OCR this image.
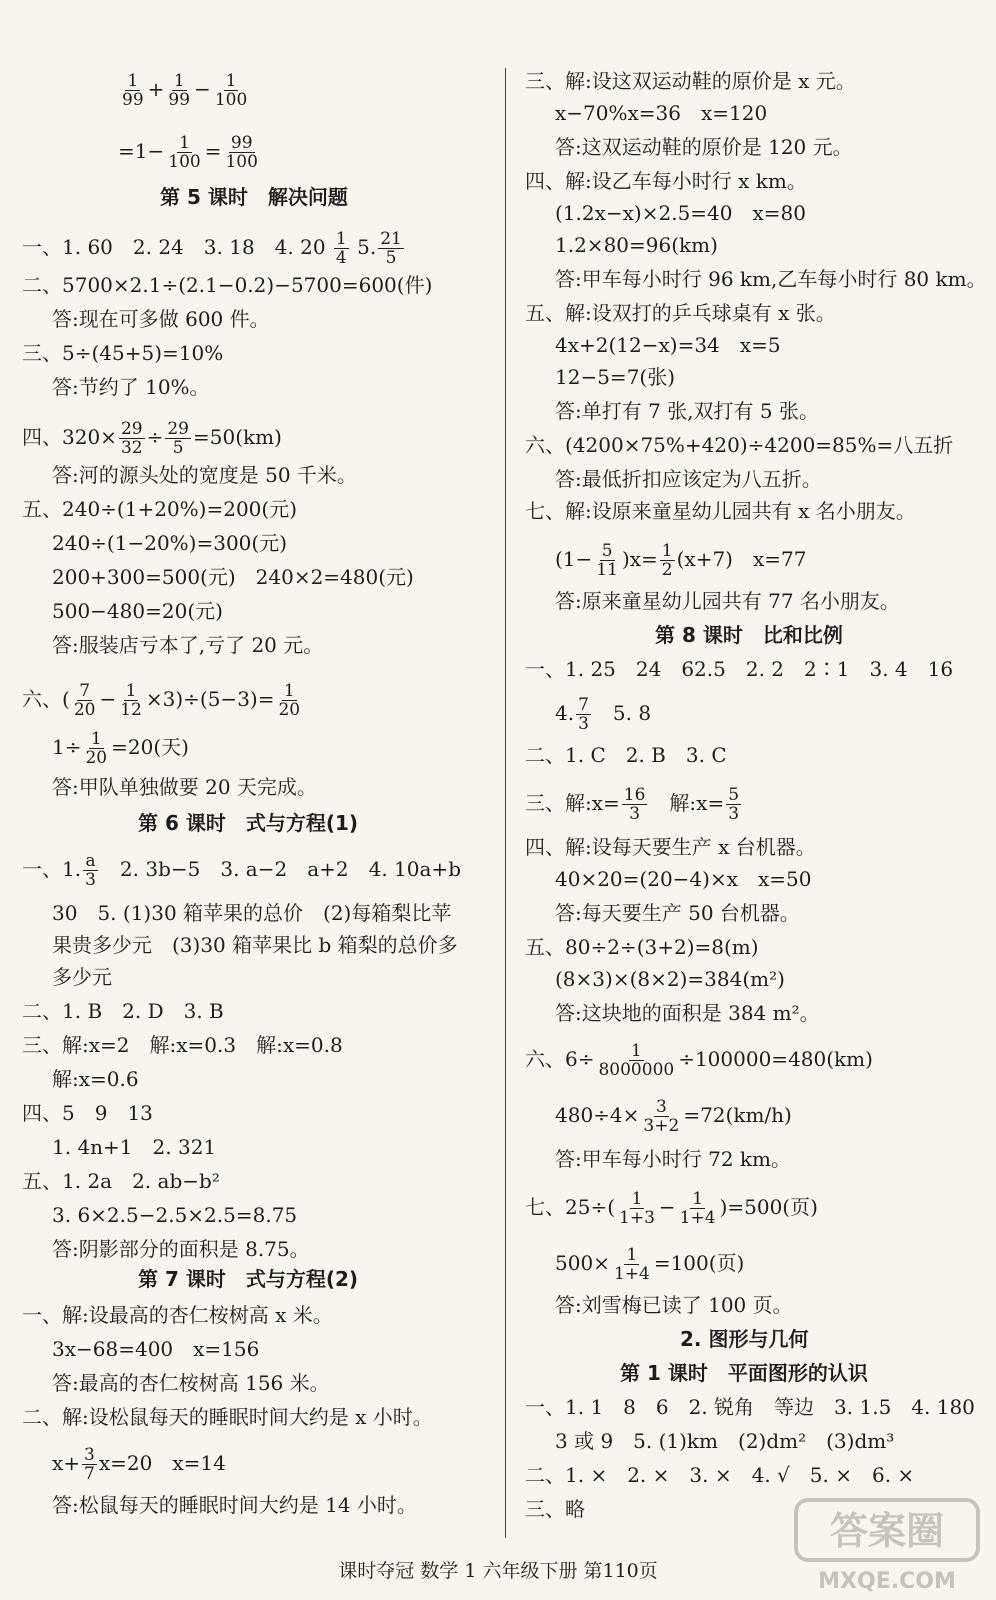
$\frac{1}{99} + \frac{1}{99} - \frac{1}{100}$
$=1- \frac{1}{100} = \frac{99}{100}$
第 5 课时　解决问题
一、1. 60　2. 24　3. 18　4. $20 \frac{1}{4} 5$. $\frac{21}{5}$
二、5700×2.1÷(2.1−0.2)−5700=600(件)
答:现在可多做 600 件。
三、5÷(45+5)=10%
答:节约了 10%。
四、$320\times \frac{29}{32} \div \frac{29}{5} =50(km)$
答:河的源头处的宽度是 50 千米。
五、240÷(1+20%)=200(元)
240÷(1−20%)=300(元)
200+300=500(元)　240×2=480(元)
500−480=20(元)
答:服装店亏本了,亏了 20 元。
六、( $\frac{7}{20} - \frac{1}{12} \times 3)\div(5-3)= \frac{1}{20}$
$1\div \frac{1}{20} =20$(天)
答:甲队单独做要 20 天完成。
第 6 课时　式与方程(1)
一、1. $\frac{a}{3}$ 　2. 3b−5　3. a−2　a+2　4. 10a+b
30　5. (1)30 箱苹果的总价　(2)每箱梨比苹
果贵多少元　(3)30 箱苹果比 b 箱梨的总价多
多少元
二、1. B　2. D　3. B
三、解:x=2　解:x=0.3　解:x=0.8
解:x=0.6
四、5　9　13
1. 4n+1　2. 321
五、1. 2a　2. ab−b²
3. 6×2.5−2.5×2.5=8.75
答:阴影部分的面积是 8.75。
第 7 课时　式与方程(2)
一、解:设最高的杏仁桉树高 x 米。
3x−68=400　x=156
答:最高的杏仁桉树高 156 米。
二、解:设松鼠每天的睡眠时间大约是 x 小时。
$x+ \frac{3}{7} x=20$　x=14
答:松鼠每天的睡眠时间大约是 14 小时。
三、解:设这双运动鞋的原价是 x 元。
x−70%x=36　x=120
答:这双运动鞋的原价是 120 元。
四、解:设乙车每小时行 x km。
(1.2x−x)×2.5=40　x=80
1.2×80=96(km)
答:甲车每小时行 96 km,乙车每小时行 80 km。
五、解:设双打的乒乓球桌有 x 张。
4x+2(12−x)=34　x=5
12−5=7(张)
答:单打有 7 张,双打有 5 张。
六、(4200×75%+420)÷4200=85%=八五折
答:最低折扣应该定为八五折。
七、解:设原来童星幼儿园共有 x 名小朋友。
$(1- \frac{5}{11} )x= \frac{1}{2} (x+7)$　x=77
答:原来童星幼儿园共有 77 名小朋友。
第 8 课时　比和比例
一、1. 25　24　62.5　2. 2　2∶1　3. 4　16
4. $\frac{7}{3}$ 　5. 8
二、1. C　2. B　3. C
三、解:x= $\frac{16}{3}$ 　解:x= $\frac{5}{3}$
四、解:设每天要生产 x 台机器。
40×20=(20−4)×x　x=50
答:每天要生产 50 台机器。
五、80÷2÷(3+2)=8(m)
(8×3)×(8×2)=384(m²)
答:这块地的面积是 384 m²。
六、$6\div \frac{1}{8000000} \div 100000=480(km)$
$480\div 4\times \frac{3}{3+2} =72(km/h)$
答:甲车每小时行 72 km。
七、$25\div( \frac{1}{1+3} - \frac{1}{1+4} )=500$(页)
$500\times \frac{1}{1+4} =100$(页)
答:刘雪梅已读了 100 页。
2. 图形与几何
第 1 课时　平面图形的认识
一、1. 1　8　6　2. 锐角　等边　3. 1.5　4. 180
3 或 9　5. (1)km　(2)dm²　(3)dm³
二、1. ×　2. ×　3. ×　4. √　5. ×　6. ×
三、略
课时夺冠 数学 1 六年级下册 第110页
答案圈
MXQE.COM
